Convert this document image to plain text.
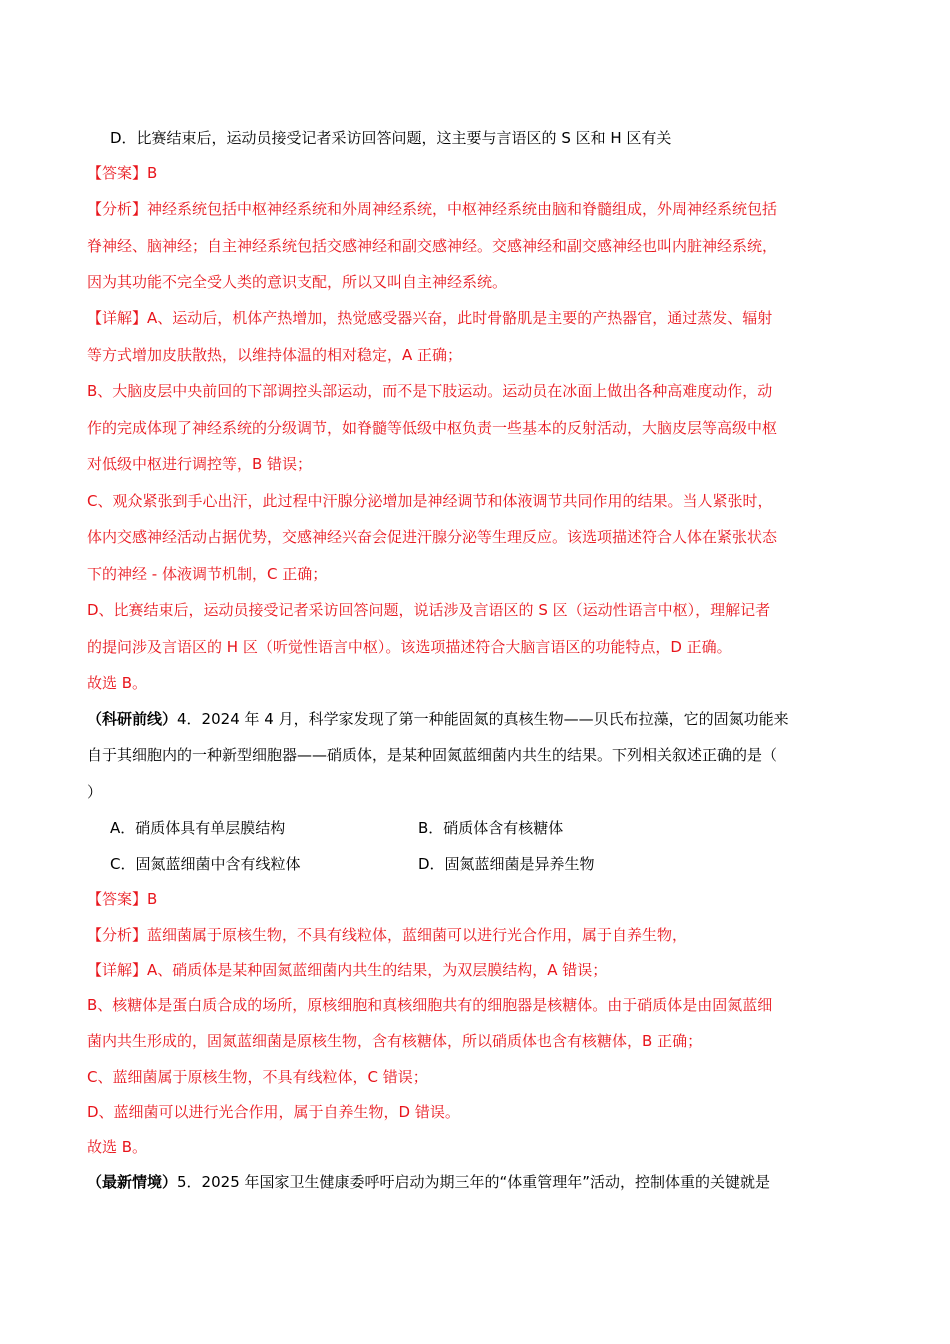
D．比赛结束后，运动员接受记者采访回答问题，这主要与言语区的 S 区和 H 区有关
【答案】B
【分析】神经系统包括中枢神经系统和外周神经系统，中枢神经系统由脑和脊髓组成，外周神经系统包括
脊神经、脑神经；自主神经系统包括交感神经和副交感神经。交感神经和副交感神经也叫内脏神经系统，
因为其功能不完全受人类的意识支配，所以又叫自主神经系统。
【详解】A、运动后，机体产热增加，热觉感受器兴奋，此时骨骼肌是主要的产热器官，通过蒸发、辐射
等方式增加皮肤散热，以维持体温的相对稳定，A 正确；
B、大脑皮层中央前回的下部调控头部运动，而不是下肢运动。运动员在冰面上做出各种高难度动作，动
作的完成体现了神经系统的分级调节，如脊髓等低级中枢负责一些基本的反射活动，大脑皮层等高级中枢
对低级中枢进行调控等，B 错误；
C、观众紧张到手心出汗，此过程中汗腺分泌增加是神经调节和体液调节共同作用的结果。当人紧张时，
体内交感神经活动占据优势，交感神经兴奋会促进汗腺分泌等生理反应。该选项描述符合人体在紧张状态
下的神经 - 体液调节机制，C 正确；
D、比赛结束后，运动员接受记者采访回答问题，说话涉及言语区的 S 区（运动性语言中枢），理解记者
的提问涉及言语区的 H 区（听觉性语言中枢）。该选项描述符合大脑言语区的功能特点，D 正确。
故选 B。
（科研前线）4．2024 年 4 月，科学家发现了第一种能固氮的真核生物——贝氏布拉藻，它的固氮功能来
自于其细胞内的一种新型细胞器——硝质体，是某种固氮蓝细菌内共生的结果。下列相关叙述正确的是（
）
A．硝质体具有单层膜结构	B．硝质体含有核糖体
C．固氮蓝细菌中含有线粒体	D．固氮蓝细菌是异养生物
【答案】B
【分析】蓝细菌属于原核生物，不具有线粒体，蓝细菌可以进行光合作用，属于自养生物，
【详解】A、硝质体是某种固氮蓝细菌内共生的结果，为双层膜结构，A 错误；
B、核糖体是蛋白质合成的场所，原核细胞和真核细胞共有的细胞器是核糖体。由于硝质体是由固氮蓝细
菌内共生形成的，固氮蓝细菌是原核生物，含有核糖体，所以硝质体也含有核糖体，B 正确；
C、蓝细菌属于原核生物，不具有线粒体，C 错误；
D、蓝细菌可以进行光合作用，属于自养生物，D 错误。
故选 B。
（最新情境）5．2025 年国家卫生健康委呼吁启动为期三年的“体重管理年”活动，控制体重的关键就是
